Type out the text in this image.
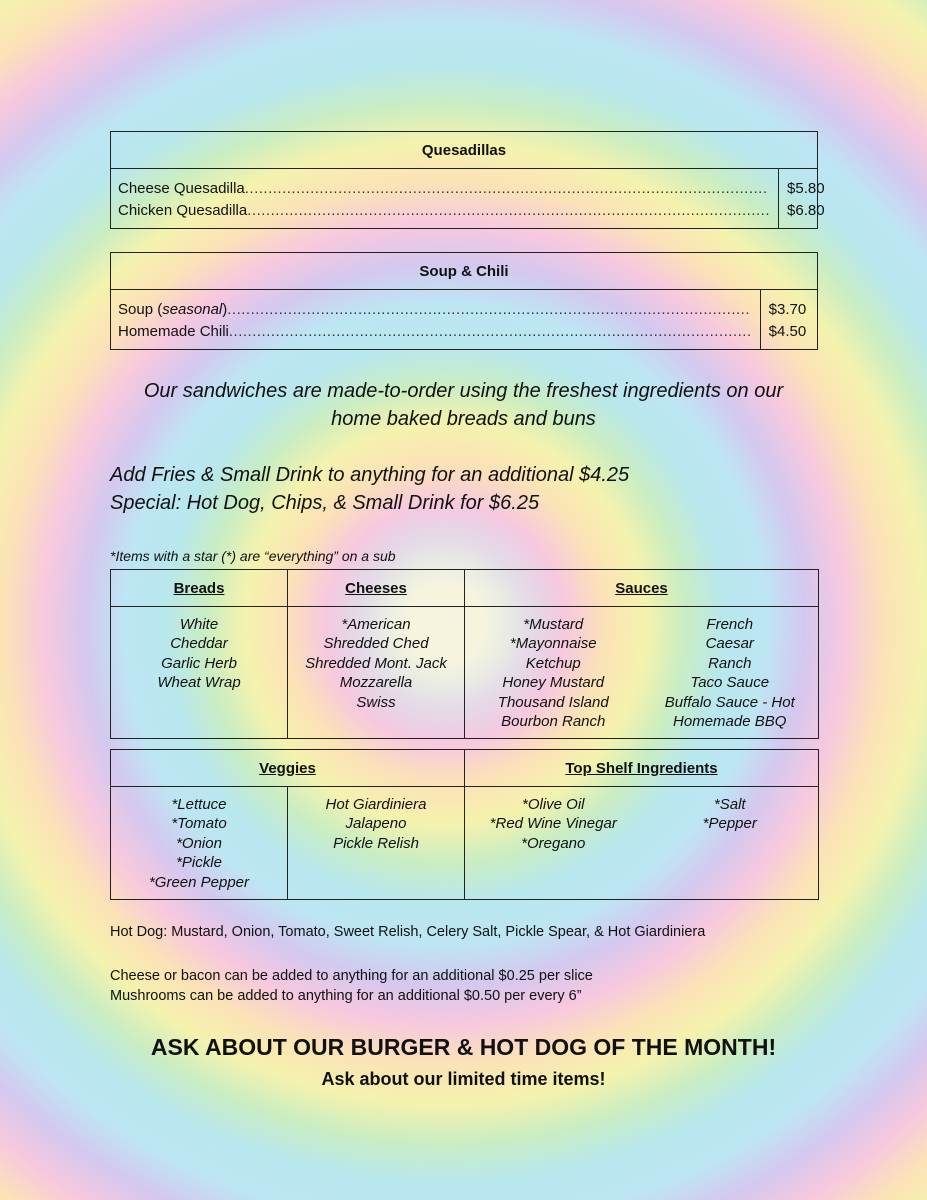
Quesadillas
Cheese Quesadilla................................................................................................................
Chicken Quesadilla................................................................................................................
$5.80
$6.80
Soup & Chili
Soup (seasonal)................................................................................................................
Homemade Chili................................................................................................................
$3.70
$4.50
Our sandwiches are made-to-order using the freshest ingredients on our
home baked breads and buns
Add Fries & Small Drink to anything for an additional $4.25
Special: Hot Dog, Chips, & Small Drink for $6.25
*Items with a star (*) are “everything” on a sub
Breads
White
Cheddar
Garlic Herb
Wheat Wrap
Cheeses
*American
Shredded Ched
Shredded Mont. Jack
Mozzarella
Swiss
Sauces
*Mustard
*Mayonnaise
Ketchup
Honey Mustard
Thousand Island
Bourbon Ranch
French
Caesar
Ranch
Taco Sauce
Buffalo Sauce - Hot
Homemade BBQ
Veggies
*Lettuce
*Tomato
*Onion
*Pickle
*Green Pepper
Hot Giardiniera
Jalapeno
Pickle Relish
Top Shelf Ingredients
*Olive Oil
*Red Wine Vinegar
*Oregano
*Salt
*Pepper
Hot Dog: Mustard, Onion, Tomato, Sweet Relish, Celery Salt, Pickle Spear, & Hot Giardiniera
Cheese or bacon can be added to anything for an additional $0.25 per slice
Mushrooms can be added to anything for an additional $0.50 per every 6”
ASK ABOUT OUR BURGER & HOT DOG OF THE MONTH!
Ask about our limited time items!
